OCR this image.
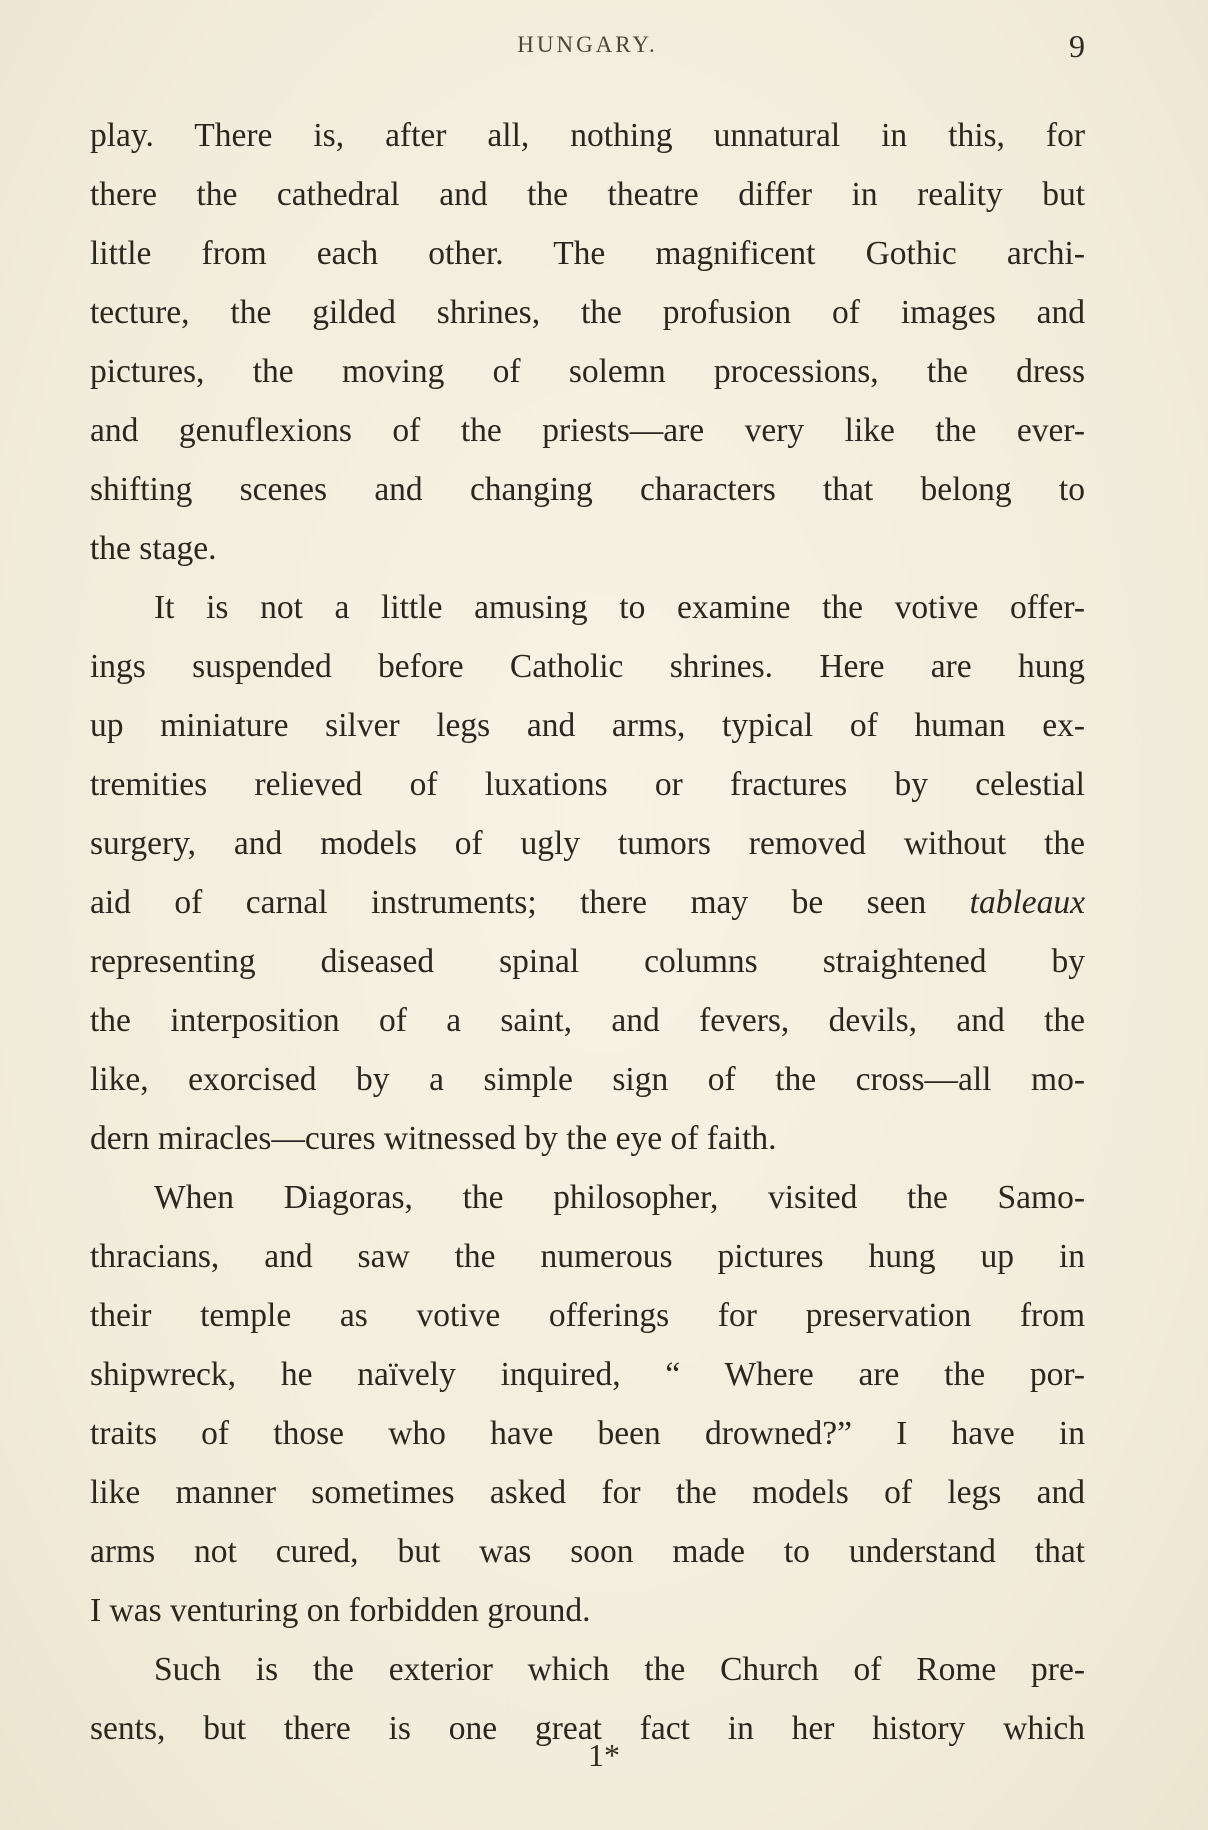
HUNGARY.	9
play. There is, after all, nothing unnatural in this, for
there the cathedral and the theatre differ in reality but
little from each other. The magnificent Gothic archi-
tecture, the gilded shrines, the profusion of images and
pictures, the moving of solemn processions, the dress
and genuflexions of the priests—are very like the ever-
shifting scenes and changing characters that belong to
the stage.
It is not a little amusing to examine the votive offer-
ings suspended before Catholic shrines. Here are hung
up miniature silver legs and arms, typical of human ex-
tremities relieved of luxations or fractures by celestial
surgery, and models of ugly tumors removed without the
aid of carnal instruments; there may be seen tableaux
representing diseased spinal columns straightened by
the interposition of a saint, and fevers, devils, and the
like, exorcised by a simple sign of the cross—all mo-
dern miracles—cures witnessed by the eye of faith.
When Diagoras, the philosopher, visited the Samo-
thracians, and saw the numerous pictures hung up in
their temple as votive offerings for preservation from
shipwreck, he naïvely inquired, “ Where are the por-
traits of those who have been drowned?” I have in
like manner sometimes asked for the models of legs and
arms not cured, but was soon made to understand that
I was venturing on forbidden ground.
Such is the exterior which the Church of Rome pre-
sents, but there is one great fact in her history which
1*
